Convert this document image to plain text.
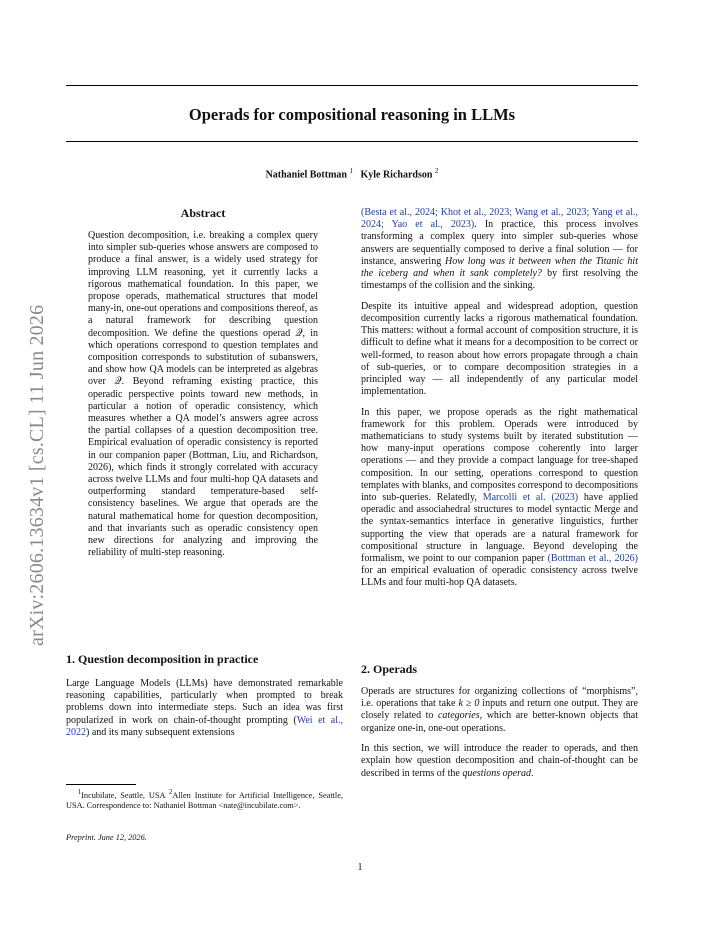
arXiv:2606.13634v1 [cs.CL] 11 Jun 2026
Operads for compositional reasoning in LLMs
Nathaniel Bottman $^1$ Kyle Richardson $^2$
Abstract
Question decomposition, i.e. breaking a complex query into simpler sub-queries whose answers are composed to produce a final answer, is a widely used strategy for improving LLM reasoning, yet it currently lacks a rigorous mathematical foundation. In this paper, we propose operads, mathematical structures that model many-in, one-out operations and compositions thereof, as a natural framework for describing question decomposition. We define the questions operad 𝒬, in which operations correspond to question templates and composition corresponds to substitution of subanswers, and show how QA models can be interpreted as algebras over 𝒬. Beyond reframing existing practice, this operadic perspective points toward new methods, in particular a notion of operadic consistency, which measures whether a QA model’s answers agree across the partial collapses of a question decomposition tree. Empirical evaluation of operadic consistency is reported in our companion paper (Bottman, Liu, and Richardson, 2026), which finds it strongly correlated with accuracy across twelve LLMs and four multi-hop QA datasets and outperforming standard temperature-based self-consistency baselines. We argue that operads are the natural mathematical home for question decomposition, and that invariants such as operadic consistency open new directions for analyzing and improving the reliability of multi-step reasoning.
1. Question decomposition in practice
Large Language Models (LLMs) have demonstrated remarkable reasoning capabilities, particularly when prompted to break problems down into intermediate steps. Such an idea was first popularized in work on chain-of-thought prompting (Wei et al., 2022) and its many subsequent extensions
$^1$Incubilate, Seattle, USA $^2$Allen Institute for Artificial Intelligence, Seattle, USA. Correspondence to: Nathaniel Bottman <nate@incubilate.com>.
Preprint. June 12, 2026.

(Besta et al., 2024; Khot et al., 2023; Wang et al., 2023; Yang et al., 2024; Yao et al., 2023). In practice, this process involves transforming a complex query into simpler sub-queries whose answers are sequentially composed to derive a final solution — for instance, answering How long was it between when the Titanic hit the iceberg and when it sank completely? by first resolving the timestamps of the collision and the sinking.

Despite its intuitive appeal and widespread adoption, question decomposition currently lacks a rigorous mathematical foundation. This matters: without a formal account of composition structure, it is difficult to define what it means for a decomposition to be correct or well-formed, to reason about how errors propagate through a chain of sub-queries, or to compare decomposition strategies in a principled way — all independently of any particular model implementation.

In this paper, we propose operads as the right mathematical framework for this problem. Operads were introduced by mathematicians to study systems built by iterated substitution — how many-input operations compose coherently into larger operations — and they provide a compact language for tree-shaped composition. In our setting, operations correspond to question templates with blanks, and composites correspond to decompositions into sub-queries. Relatedly, Marcolli et al. (2023) have applied operadic and associahedral structures to model syntactic Merge and the syntax-semantics interface in generative linguistics, further supporting the view that operads are a natural framework for compositional structure in language. Beyond developing the formalism, we point to our companion paper (Bottman et al., 2026) for an empirical evaluation of operadic consistency across twelve LLMs and four multi-hop QA datasets.

2. Operads

Operads are structures for organizing collections of “morphisms”, i.e. operations that take k ≥ 0 inputs and return one output. They are closely related to categories, which are better-known objects that organize one-in, one-out operations.

In this section, we will introduce the reader to operads, and then explain how question decomposition and chain-of-thought can be described in terms of the questions operad.

1
